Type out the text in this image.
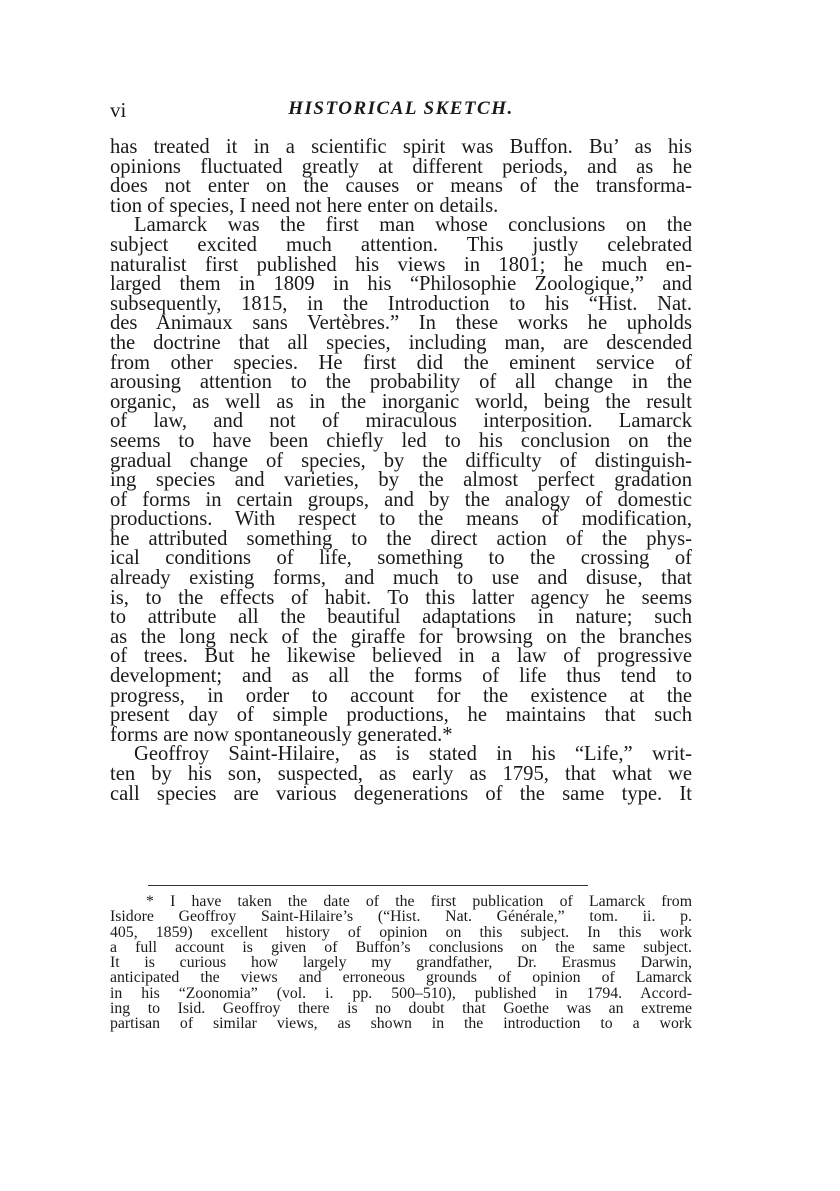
vi	HISTORICAL SKETCH.
has treated it in a scientific spirit was Buffon. Bu’ as his
opinions fluctuated greatly at different periods, and as he
does not enter on the causes or means of the transforma-
tion of species, I need not here enter on details.
Lamarck was the first man whose conclusions on the
subject excited much attention. This justly celebrated
naturalist first published his views in 1801; he much en-
larged them in 1809 in his “Philosophie Zoologique,” and
subsequently, 1815, in the Introduction to his “Hist. Nat.
des Animaux sans Vertèbres.” In these works he upholds
the doctrine that all species, including man, are descended
from other species. He first did the eminent service of
arousing attention to the probability of all change in the
organic, as well as in the inorganic world, being the result
of law, and not of miraculous interposition. Lamarck
seems to have been chiefly led to his conclusion on the
gradual change of species, by the difficulty of distinguish-
ing species and varieties, by the almost perfect gradation
of forms in certain groups, and by the analogy of domestic
productions. With respect to the means of modification,
he attributed something to the direct action of the phys-
ical conditions of life, something to the crossing of
already existing forms, and much to use and disuse, that
is, to the effects of habit. To this latter agency he seems
to attribute all the beautiful adaptations in nature; such
as the long neck of the giraffe for browsing on the branches
of trees. But he likewise believed in a law of progressive
development; and as all the forms of life thus tend to
progress, in order to account for the existence at the
present day of simple productions, he maintains that such
forms are now spontaneously generated.*
Geoffroy Saint-Hilaire, as is stated in his “Life,” writ-
ten by his son, suspected, as early as 1795, that what we
call species are various degenerations of the same type. It
* I have taken the date of the first publication of Lamarck from
Isidore Geoffroy Saint-Hilaire’s (“Hist. Nat. Générale,” tom. ii. p.
405, 1859) excellent history of opinion on this subject. In this work
a full account is given of Buffon’s conclusions on the same subject.
It is curious how largely my grandfather, Dr. Erasmus Darwin,
anticipated the views and erroneous grounds of opinion of Lamarck
in his “Zoonomia” (vol. i. pp. 500–510), published in 1794. Accord-
ing to Isid. Geoffroy there is no doubt that Goethe was an extreme
partisan of similar views, as shown in the introduction to a work
